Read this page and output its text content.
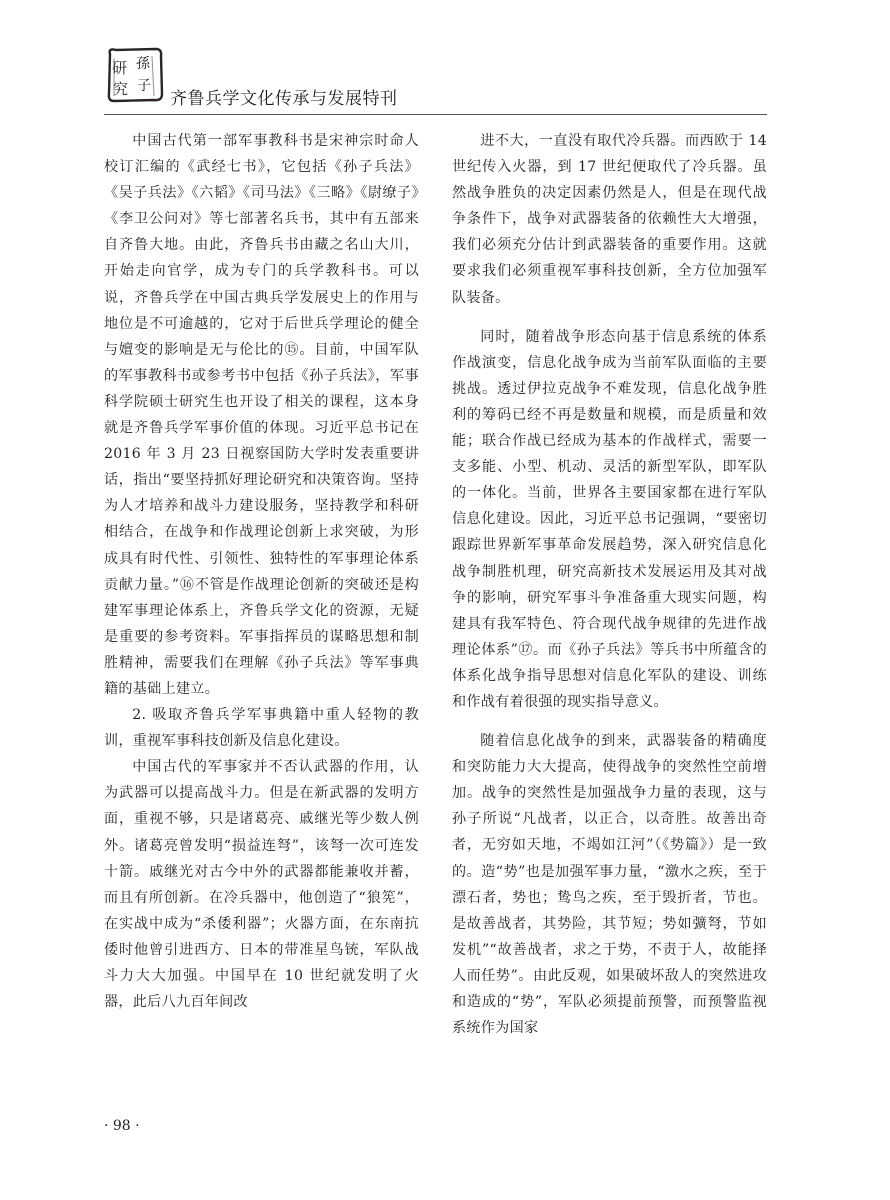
研
究
孫
子
齐鲁兵学文化传承与发展特刊

中国古代第一部军事教科书是宋神宗时命人校订汇编的《武经七书》，它包括《孙子兵法》《吴子兵法》《六韬》《司马法》《三略》《尉缭子》《李卫公问对》等七部著名兵书，其中有五部来自齐鲁大地。由此，齐鲁兵书由藏之名山大川，开始走向官学，成为专门的兵学教科书。可以说，齐鲁兵学在中国古典兵学发展史上的作用与地位是不可逾越的，它对于后世兵学理论的健全与嬗变的影响是无与伦比的⑮。目前，中国军队的军事教科书或参考书中包括《孙子兵法》，军事科学院硕士研究生也开设了相关的课程，这本身就是齐鲁兵学军事价值的体现。习近平总书记在 2016 年 3 月 23 日视察国防大学时发表重要讲话，指出“要坚持抓好理论研究和决策咨询。坚持为人才培养和战斗力建设服务，坚持教学和科研相结合，在战争和作战理论创新上求突破，为形成具有时代性、引领性、独特性的军事理论体系贡献力量。”⑯不管是作战理论创新的突破还是构建军事理论体系上，齐鲁兵学文化的资源，无疑是重要的参考资料。军事指挥员的谋略思想和制胜精神，需要我们在理解《孙子兵法》等军事典籍的基础上建立。

2. 吸取齐鲁兵学军事典籍中重人轻物的教训，重视军事科技创新及信息化建设。

中国古代的军事家并不否认武器的作用，认为武器可以提高战斗力。但是在新武器的发明方面，重视不够，只是诸葛亮、戚继光等少数人例外。诸葛亮曾发明“损益连弩”，该弩一次可连发十箭。戚继光对古今中外的武器都能兼收并蓄，而且有所创新。在冷兵器中，他创造了“狼筅”，在实战中成为“杀倭利器”；火器方面，在东南抗倭时他曾引进西方、日本的带准星鸟铳，军队战斗力大大加强。中国早在 10 世纪就发明了火器，此后八九百年间改

进不大，一直没有取代冷兵器。而西欧于 14 世纪传入火器，到 17 世纪便取代了冷兵器。虽然战争胜负的决定因素仍然是人，但是在现代战争条件下，战争对武器装备的依赖性大大增强，我们必须充分估计到武器装备的重要作用。这就要求我们必须重视军事科技创新，全方位加强军队装备。

同时，随着战争形态向基于信息系统的体系作战演变，信息化战争成为当前军队面临的主要挑战。透过伊拉克战争不难发现，信息化战争胜利的筹码已经不再是数量和规模，而是质量和效能；联合作战已经成为基本的作战样式，需要一支多能、小型、机动、灵活的新型军队，即军队的一体化。当前，世界各主要国家都在进行军队信息化建设。因此，习近平总书记强调，“要密切跟踪世界新军事革命发展趋势，深入研究信息化战争制胜机理，研究高新技术发展运用及其对战争的影响，研究军事斗争准备重大现实问题，构建具有我军特色、符合现代战争规律的先进作战理论体系”⑰。而《孙子兵法》等兵书中所蕴含的体系化战争指导思想对信息化军队的建设、训练和作战有着很强的现实指导意义。

随着信息化战争的到来，武器装备的精确度和突防能力大大提高，使得战争的突然性空前增加。战争的突然性是加强战争力量的表现，这与孙子所说“凡战者，以正合，以奇胜。故善出奇者，无穷如天地，不竭如江河”（《势篇》）是一致的。造“势”也是加强军事力量，“激水之疾，至于漂石者，势也；鸷鸟之疾，至于毁折者，节也。是故善战者，其势险，其节短；势如彍弩，节如发机”“故善战者，求之于势，不责于人，故能择人而任势”。由此反观，如果破坏敌人的突然进攻和造成的“势”，军队必须提前预警，而预警监视系统作为国家

· 98 ·
